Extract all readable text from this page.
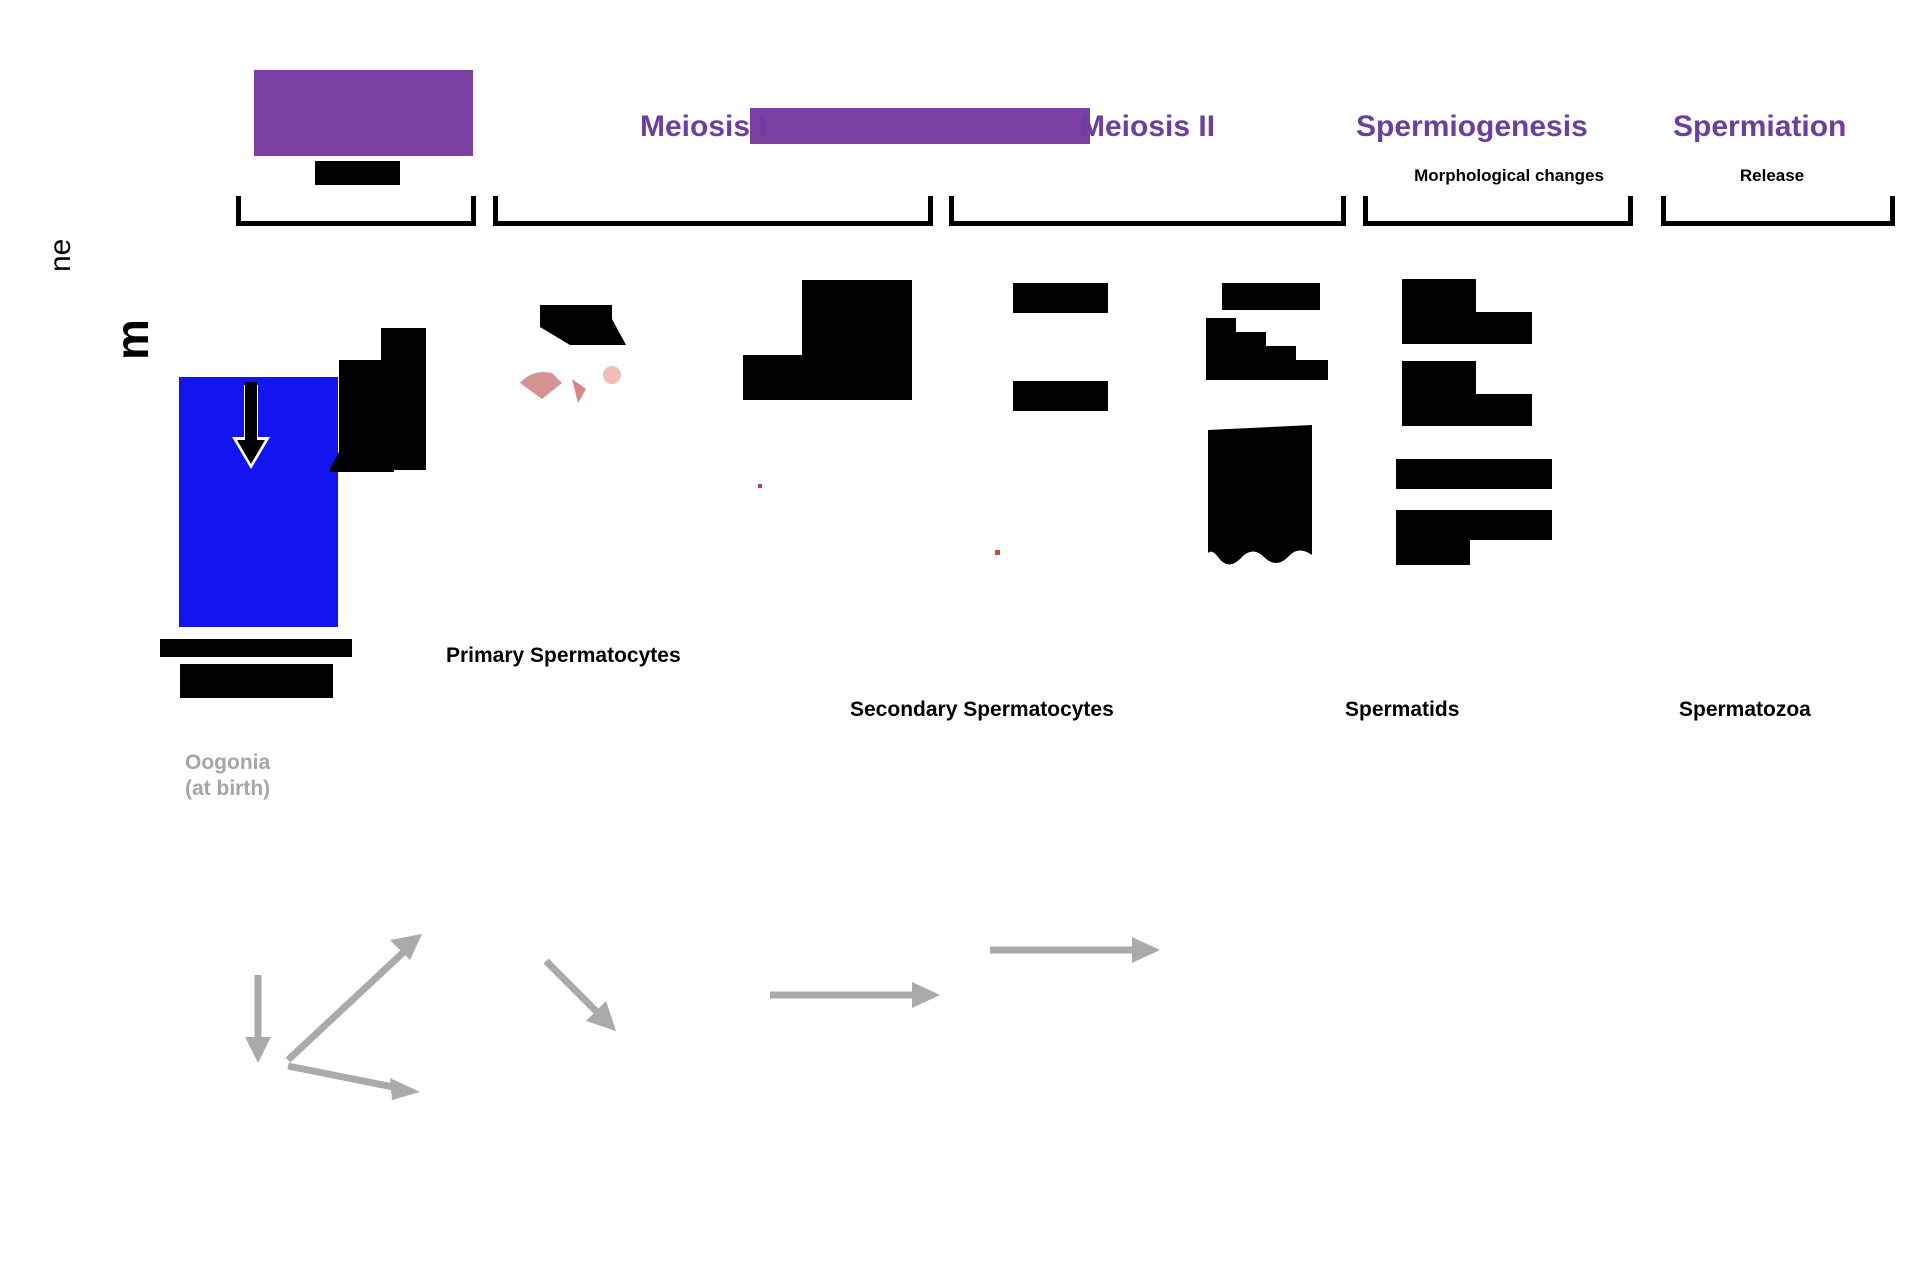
Meiosis I	Meiosis II	Spermiogenesis	Spermiation
Morphological changes	Release
ne
m
Primary Spermatocytes
Secondary Spermatocytes	Spermatids	Spermatozoa
Oogonia
(at birth)
